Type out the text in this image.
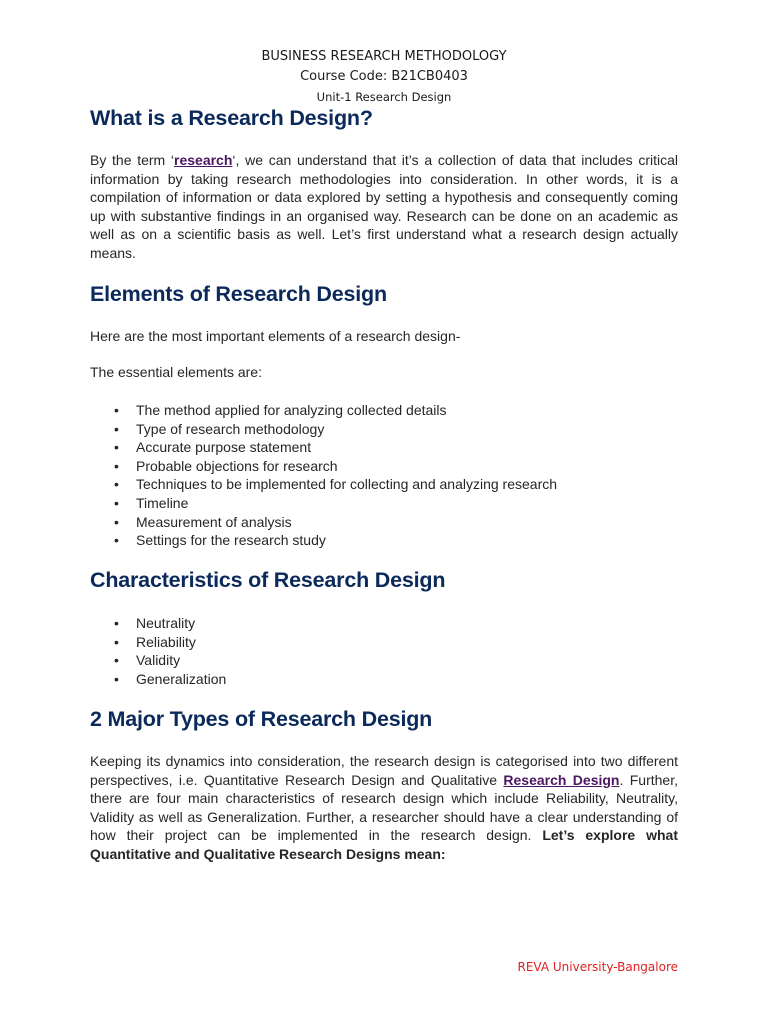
BUSINESS RESEARCH METHODOLOGY
Course Code: B21CB0403
Unit-1 Research Design
What is a Research Design?

By the term ‘research‘, we can understand that it’s a collection of data that includes critical information by taking research methodologies into consideration. In other words, it is a compilation of information or data explored by setting a hypothesis and consequently coming up with substantive findings in an organised way. Research can be done on an academic as well as on a scientific basis as well. Let’s first understand what a research design actually means.

Elements of Research Design

Here are the most important elements of a research design-

The essential elements are:

• The method applied for analyzing collected details
• Type of research methodology
• Accurate purpose statement
• Probable objections for research
• Techniques to be implemented for collecting and analyzing research
• Timeline
• Measurement of analysis
• Settings for the research study
Characteristics of Research Design
• Neutrality
• Reliability
• Validity
• Generalization
2 Major Types of Research Design

Keeping its dynamics into consideration, the research design is categorised into two different perspectives, i.e. Quantitative Research Design and Qualitative Research Design. Further, there are four main characteristics of research design which include Reliability, Neutrality, Validity as well as Generalization. Further, a researcher should have a clear understanding of how their project can be implemented in the research design. Let’s explore what Quantitative and Qualitative Research Designs mean:

REVA University-Bangalore
